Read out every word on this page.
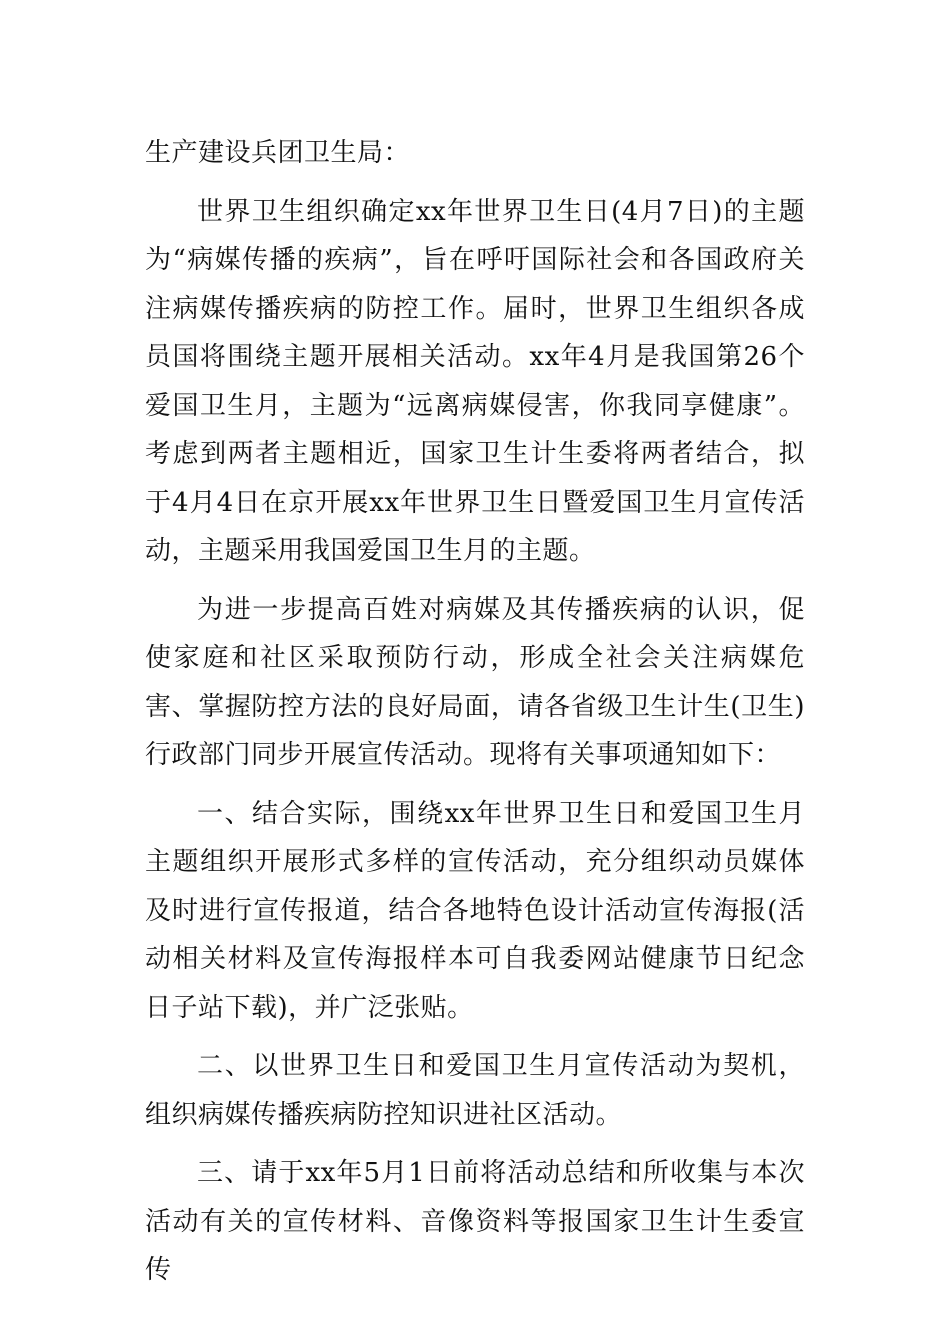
生产建设兵团卫生局：

世界卫生组织确定xx年世界卫生日(4月7日)的主题为“病媒传播的疾病”，旨在呼吁国际社会和各国政府关注病媒传播疾病的防控工作。届时，世界卫生组织各成员国将围绕主题开展相关活动。xx年4月是我国第26个爱国卫生月，主题为“远离病媒侵害，你我同享健康”。考虑到两者主题相近，国家卫生计生委将两者结合，拟于4月4日在京开展xx年世界卫生日暨爱国卫生月宣传活动，主题采用我国爱国卫生月的主题。

为进一步提高百姓对病媒及其传播疾病的认识，促使家庭和社区采取预防行动，形成全社会关注病媒危害、掌握防控方法的良好局面，请各省级卫生计生(卫生)行政部门同步开展宣传活动。现将有关事项通知如下：

一、结合实际，围绕xx年世界卫生日和爱国卫生月主题组织开展形式多样的宣传活动，充分组织动员媒体及时进行宣传报道，结合各地特色设计活动宣传海报(活动相关材料及宣传海报样本可自我委网站健康节日纪念日子站下载)，并广泛张贴。

二、以世界卫生日和爱国卫生月宣传活动为契机，组织病媒传播疾病防控知识进社区活动。

三、请于xx年5月1日前将活动总结和所收集与本次活动有关的宣传材料、音像资料等报国家卫生计生委宣传
